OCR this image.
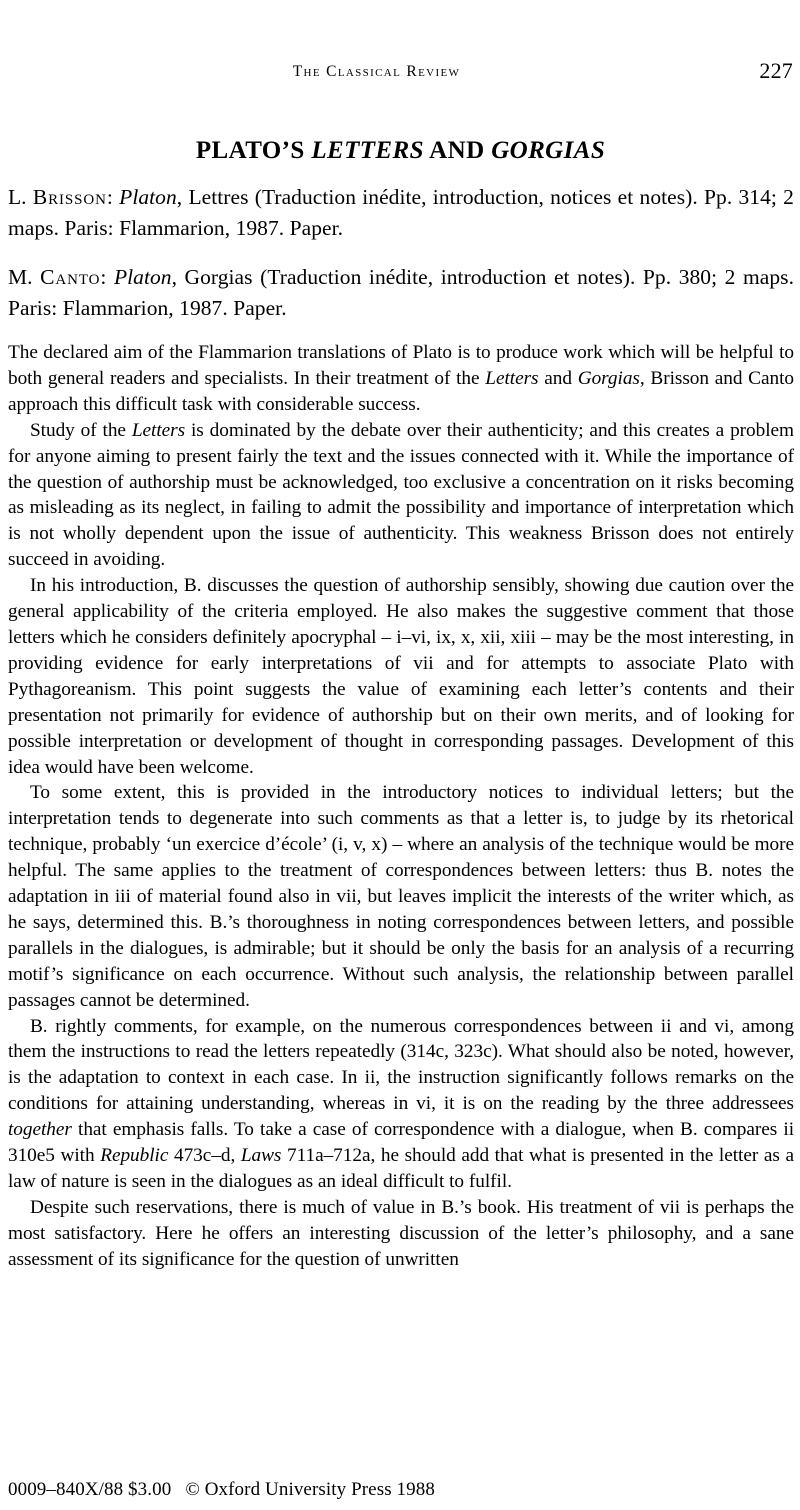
The Classical Review	227
PLATO’S LETTERS AND GORGIAS

L. Brisson: Platon, Lettres (Traduction inédite, introduction, notices et notes). Pp. 314; 2 maps. Paris: Flammarion, 1987. Paper.

M. Canto: Platon, Gorgias (Traduction inédite, introduction et notes). Pp. 380; 2 maps. Paris: Flammarion, 1987. Paper.

The declared aim of the Flammarion translations of Plato is to produce work which will be helpful to both general readers and specialists. In their treatment of the Letters and Gorgias, Brisson and Canto approach this difficult task with considerable success.

Study of the Letters is dominated by the debate over their authenticity; and this creates a problem for anyone aiming to present fairly the text and the issues connected with it. While the importance of the question of authorship must be acknowledged, too exclusive a concentration on it risks becoming as misleading as its neglect, in failing to admit the possibility and importance of interpretation which is not wholly dependent upon the issue of authenticity. This weakness Brisson does not entirely succeed in avoiding.

In his introduction, B. discusses the question of authorship sensibly, showing due caution over the general applicability of the criteria employed. He also makes the suggestive comment that those letters which he considers definitely apocryphal – i–vi, ix, x, xii, xiii – may be the most interesting, in providing evidence for early interpretations of vii and for attempts to associate Plato with Pythagoreanism. This point suggests the value of examining each letter’s contents and their presentation not primarily for evidence of authorship but on their own merits, and of looking for possible interpretation or development of thought in corresponding passages. Development of this idea would have been welcome.

To some extent, this is provided in the introductory notices to individual letters; but the interpretation tends to degenerate into such comments as that a letter is, to judge by its rhetorical technique, probably ‘un exercice d’école’ (i, v, x) – where an analysis of the technique would be more helpful. The same applies to the treatment of correspondences between letters: thus B. notes the adaptation in iii of material found also in vii, but leaves implicit the interests of the writer which, as he says, determined this. B.’s thoroughness in noting correspondences between letters, and possible parallels in the dialogues, is admirable; but it should be only the basis for an analysis of a recurring motif’s significance on each occurrence. Without such analysis, the relationship between parallel passages cannot be determined.

B. rightly comments, for example, on the numerous correspondences between ii and vi, among them the instructions to read the letters repeatedly (314c, 323c). What should also be noted, however, is the adaptation to context in each case. In ii, the instruction significantly follows remarks on the conditions for attaining understanding, whereas in vi, it is on the reading by the three addressees together that emphasis falls. To take a case of correspondence with a dialogue, when B. compares ii 310e5 with Republic 473c–d, Laws 711a–712a, he should add that what is presented in the letter as a law of nature is seen in the dialogues as an ideal difficult to fulfil.

Despite such reservations, there is much of value in B.’s book. His treatment of vii is perhaps the most satisfactory. Here he offers an interesting discussion of the letter’s philosophy, and a sane assessment of its significance for the question of unwritten

0009–840X/88 $3.00 © Oxford University Press 1988
